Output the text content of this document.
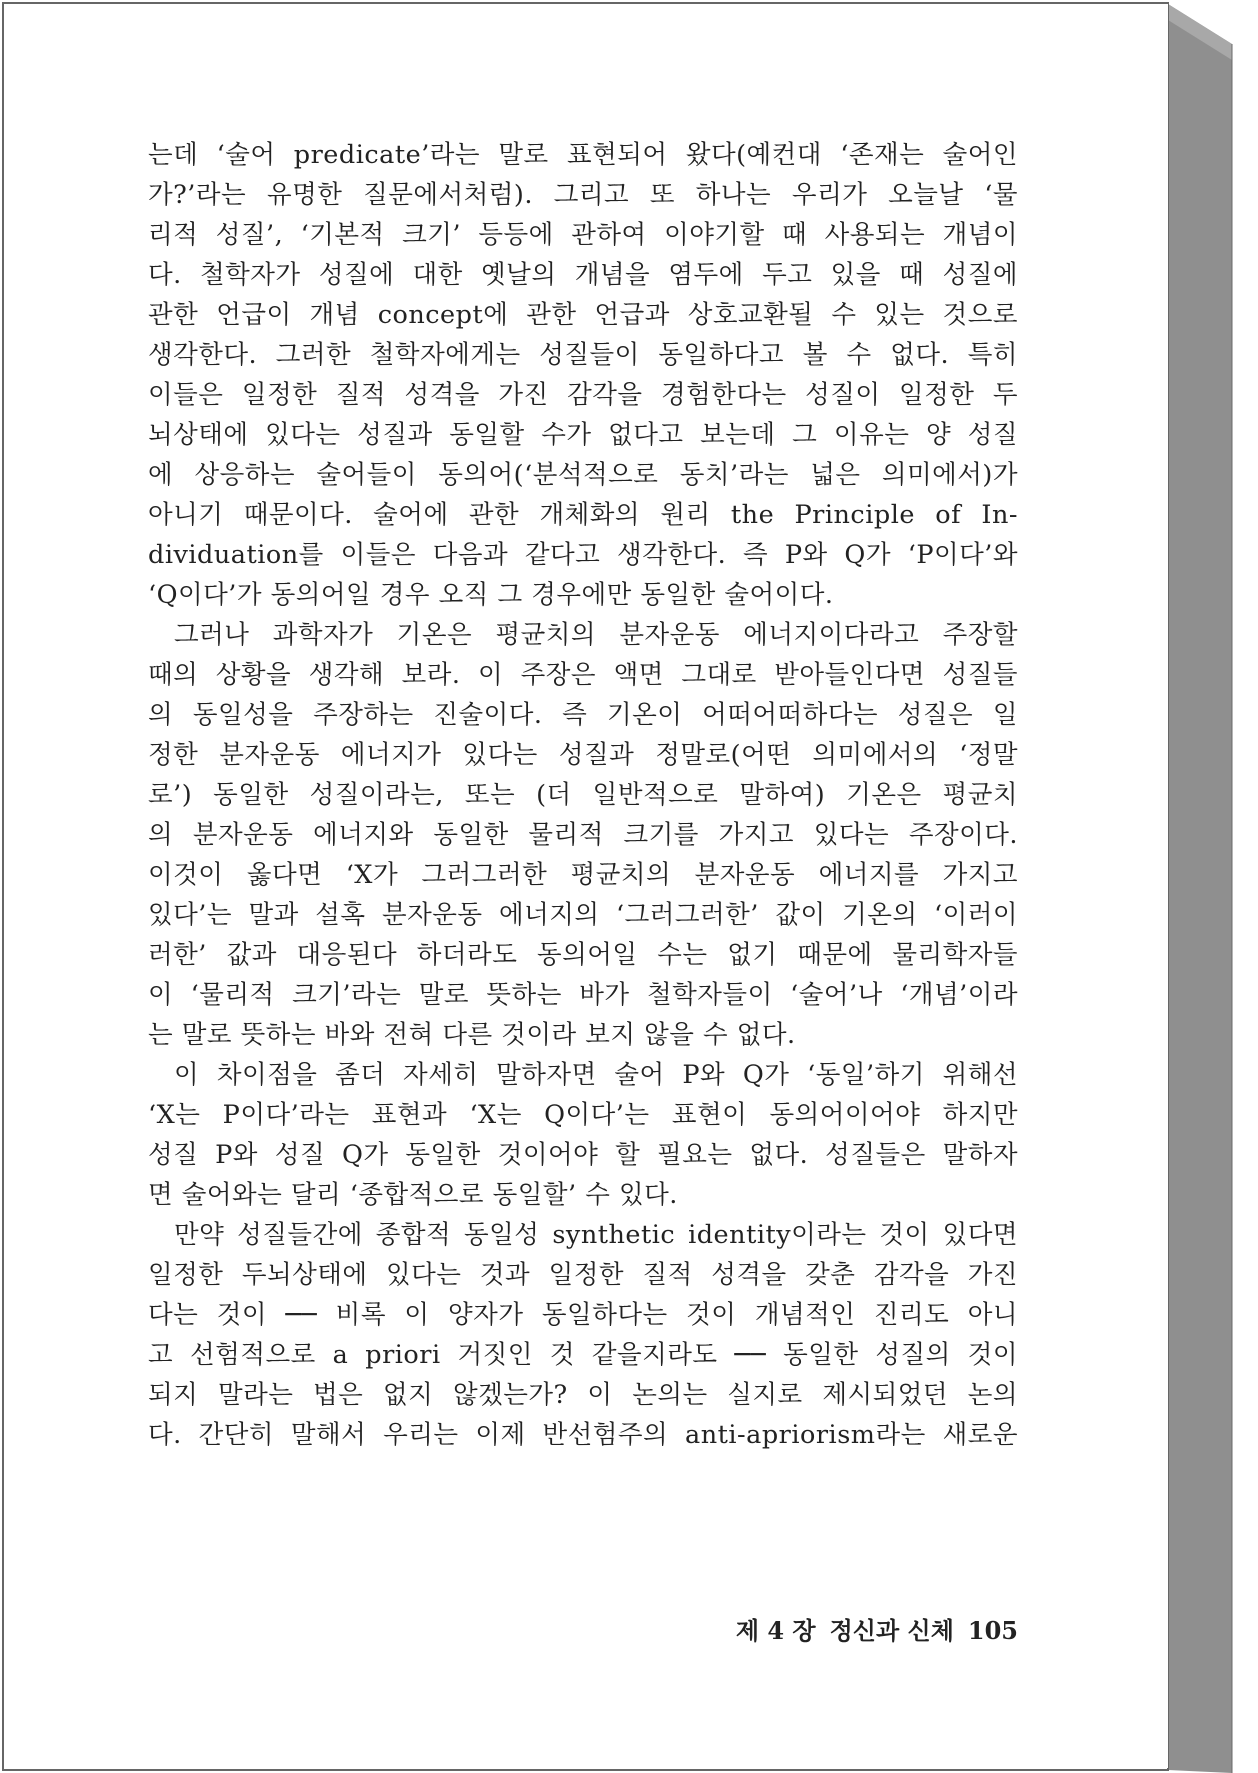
는데 ‘술어 predicate’라는 말로 표현되어 왔다(예컨대 ‘존재는 술어인
가?’라는 유명한 질문에서처럼). 그리고 또 하나는 우리가 오늘날 ‘물
리적 성질’, ‘기본적 크기’ 등등에 관하여 이야기할 때 사용되는 개념이
다. 철학자가 성질에 대한 옛날의 개념을 염두에 두고 있을 때 성질에
관한 언급이 개념 concept에 관한 언급과 상호교환될 수 있는 것으로
생각한다. 그러한 철학자에게는 성질들이 동일하다고 볼 수 없다. 특히
이들은 일정한 질적 성격을 가진 감각을 경험한다는 성질이 일정한 두
뇌상태에 있다는 성질과 동일할 수가 없다고 보는데 그 이유는 양 성질
에 상응하는 술어들이 동의어(‘분석적으로 동치’라는 넓은 의미에서)가
아니기 때문이다. 술어에 관한 개체화의 원리 the Principle of In-
dividuation를 이들은 다음과 같다고 생각한다. 즉 P와 Q가 ‘P이다’와
‘Q이다’가 동의어일 경우 오직 그 경우에만 동일한 술어이다.
그러나 과학자가 기온은 평균치의 분자운동 에너지이다라고 주장할
때의 상황을 생각해 보라. 이 주장은 액면 그대로 받아들인다면 성질들
의 동일성을 주장하는 진술이다. 즉 기온이 어떠어떠하다는 성질은 일
정한 분자운동 에너지가 있다는 성질과 정말로(어떤 의미에서의 ‘정말
로’) 동일한 성질이라는, 또는 (더 일반적으로 말하여) 기온은 평균치
의 분자운동 에너지와 동일한 물리적 크기를 가지고 있다는 주장이다.
이것이 옳다면 ‘X가 그러그러한 평균치의 분자운동 에너지를 가지고
있다’는 말과 설혹 분자운동 에너지의 ‘그러그러한’ 값이 기온의 ‘이러이
러한’ 값과 대응된다 하더라도 동의어일 수는 없기 때문에 물리학자들
이 ‘물리적 크기’라는 말로 뜻하는 바가 철학자들이 ‘술어’나 ‘개념’이라
는 말로 뜻하는 바와 전혀 다른 것이라 보지 않을 수 없다.
이 차이점을 좀더 자세히 말하자면 술어 P와 Q가 ‘동일’하기 위해선
‘X는 P이다’라는 표현과 ‘X는 Q이다’는 표현이 동의어이어야 하지만
성질 P와 성질 Q가 동일한 것이어야 할 필요는 없다. 성질들은 말하자
면 술어와는 달리 ‘종합적으로 동일할’ 수 있다.
만약 성질들간에 종합적 동일성 synthetic identity이라는 것이 있다면
일정한 두뇌상태에 있다는 것과 일정한 질적 성격을 갖춘 감각을 가진
다는 것이 ── 비록 이 양자가 동일하다는 것이 개념적인 진리도 아니
고 선험적으로 a priori 거짓인 것 같을지라도 ── 동일한 성질의 것이
되지 말라는 법은 없지 않겠는가? 이 논의는 실지로 제시되었던 논의
다. 간단히 말해서 우리는 이제 반선험주의 anti-apriorism라는 새로운
제 4 장 정신과 신체 105
